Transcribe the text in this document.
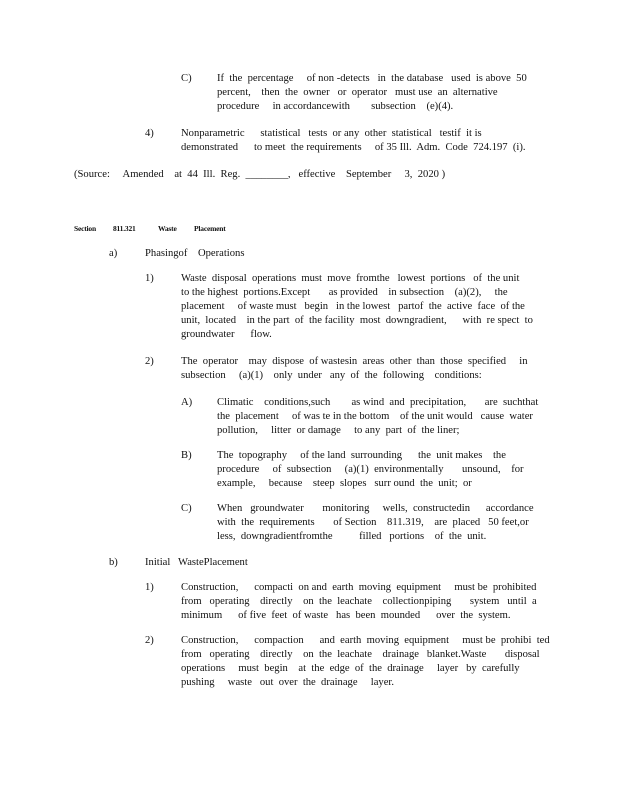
C) If  the  percentage     of non -detects   in  the database   used  is above  50
percent,    then  the  owner   or  operator   must use  an  alternative
procedure     in accordancewith        subsection    (e)(4).
4)	Nonparametric      statistical   tests  or any  other  statistical   testif  it is
demonstrated      to meet  the requirements     of 35 Ill.  Adm.  Code  724.197  (i).
(Source:     Amended    at  44  Ill.  Reg.  ________,   effective    September     3,  2020 )
Section 811.321	Waste Placement
a)	Phasingof    Operations
1)	Waste  disposal  operations  must  move  fromthe   lowest  portions   of  the unit
to the highest  portions.Except       as provided    in subsection    (a)(2),     the
placement     of waste must   begin   in the lowest   partof  the  active  face  of the
unit,  located    in the part  of  the facility  most  downgradient,      with  re spect  to
groundwater      flow.
2)	The  operator    may  dispose  of wastesin  areas  other  than  those  specified     in
subsection     (a)(1)    only  under   any  of  the  following    conditions:
A) Climatic    conditions,such        as wind  and  precipitation,       are  suchthat
the  placement     of was te in the bottom    of the unit would   cause  water
pollution,     litter  or damage     to any  part  of  the liner;
B) The  topography     of the land  surrounding      the  unit makes    the
procedure     of  subsection     (a)(1)  environmentally       unsound,    for
example,     because    steep  slopes   surr ound  the  unit;  or
C) When   groundwater       monitoring     wells,  constructedin      accordance
with  the  requirements       of Section    811.319,    are  placed   50 feet,or
less,  downgradientfromthe          filled   portions    of  the  unit.
b)	Initial   WastePlacement
1)	Construction,      compacti  on and  earth  moving  equipment     must be  prohibited
from   operating    directly    on  the  leachate    collectionpiping       system   until  a
minimum      of five  feet  of waste   has  been  mounded      over  the  system.
2)	Construction,      compaction      and  earth  moving  equipment     must be  prohibi  ted
from   operating    directly    on  the  leachate    drainage   blanket.Waste       disposal
operations     must  begin    at  the  edge  of  the  drainage     layer   by  carefully
pushing     waste   out  over  the  drainage     layer.
